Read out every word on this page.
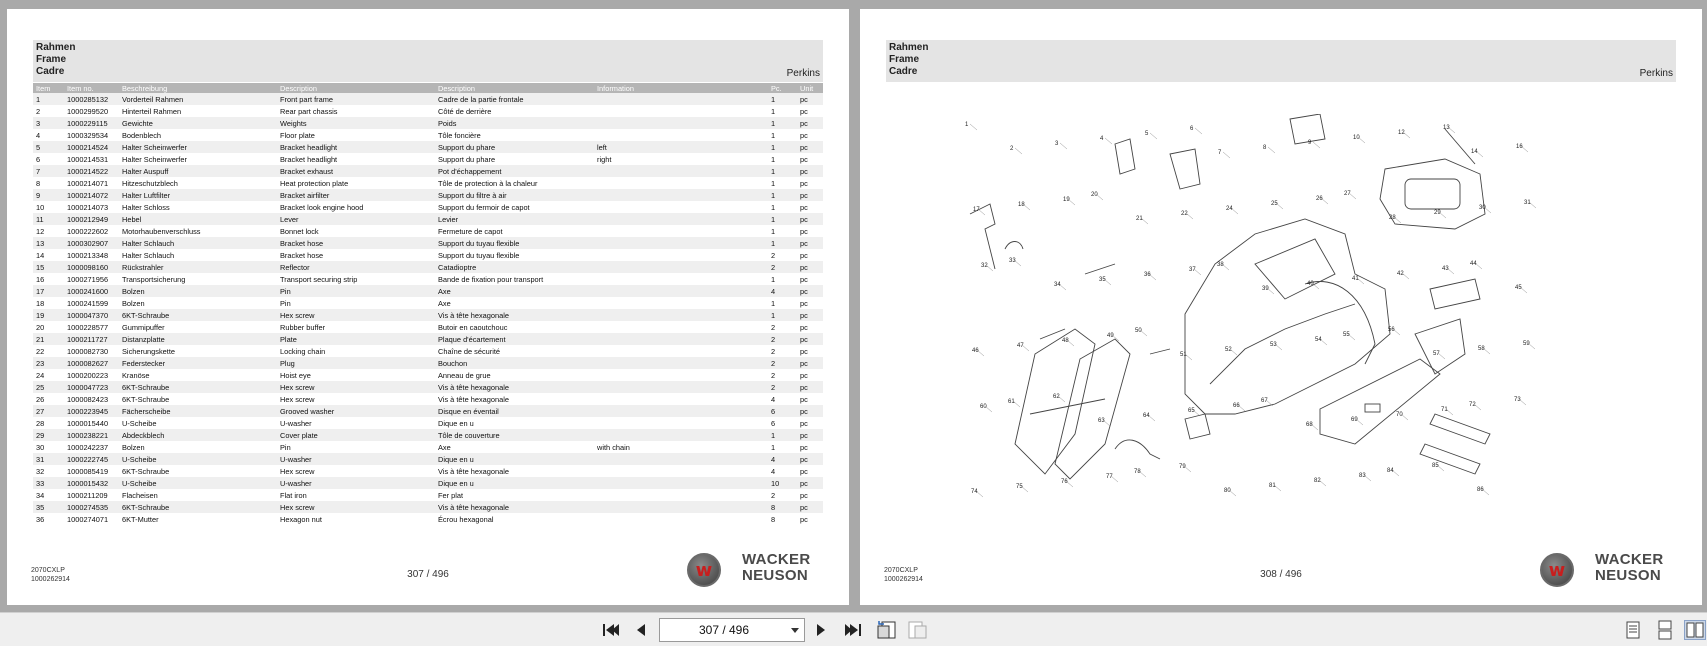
Rahmen
Frame
Cadre	Perkins
Item	Item no.	Beschreibung	Description	Description	Information	Pc.	Unit
1	1000285132	Vorderteil Rahmen	Front part frame	Cadre de la partie frontale		1	pc
2	1000299520	Hinterteil Rahmen	Rear part chassis	Côté de derrière		1	pc
3	1000229115	Gewichte	Weights	Poids		1	pc
4	1000329534	Bodenblech	Floor plate	Tôle foncière		1	pc
5	1000214524	Halter Scheinwerfer	Bracket headlight	Support du phare	left	1	pc
6	1000214531	Halter Scheinwerfer	Bracket headlight	Support du phare	right	1	pc
7	1000214522	Halter Auspuff	Bracket exhaust	Pot d'échappement		1	pc
8	1000214071	Hitzeschutzblech	Heat protection plate	Tôle de protection à la chaleur		1	pc
9	1000214072	Halter Luftfilter	Bracket airfilter	Support du filtre à air		1	pc
10	1000214073	Halter Schloss	Bracket look engine hood	Support du fermoir de capot		1	pc
11	1000212949	Hebel	Lever	Levier		1	pc
12	1000222602	Motorhaubenverschluss	Bonnet lock	Fermeture de capot		1	pc
13	1000302907	Halter Schlauch	Bracket hose	Support du tuyau flexible		1	pc
14	1000213348	Halter Schlauch	Bracket hose	Support du tuyau flexible		2	pc
15	1000098160	Rückstrahler	Reflector	Catadioptre		2	pc
16	1000271956	Transportsicherung	Transport securing strip	Bande de fixation pour transport		1	pc
17	1000241600	Bolzen	Pin	Axe		4	pc
18	1000241599	Bolzen	Pin	Axe		1	pc
19	1000047370	6KT-Schraube	Hex screw	Vis à tête hexagonale		1	pc
20	1000228577	Gummipuffer	Rubber buffer	Butoir en caoutchouc		2	pc
21	1000211727	Distanzplatte	Plate	Plaque d'écartement		2	pc
22	1000082730	Sicherungskette	Locking chain	Chaîne de sécurité		2	pc
23	1000082627	Federstecker	Plug	Bouchon		2	pc
24	1000200223	Kranöse	Hoist eye	Anneau de grue		2	pc
25	1000047723	6KT-Schraube	Hex screw	Vis à tête hexagonale		2	pc
26	1000082423	6KT-Schraube	Hex screw	Vis à tête hexagonale		4	pc
27	1000223945	Fächerscheibe	Grooved washer	Disque en éventail		6	pc
28	1000015440	U-Scheibe	U-washer	Dique en u		6	pc
29	1000238221	Abdeckblech	Cover plate	Tôle de couverture		1	pc
30	1000242237	Bolzen	Pin	Axe	with chain	1	pc
31	1000222745	U-Scheibe	U-washer	Dique en u		4	pc
32	1000085419	6KT-Schraube	Hex screw	Vis à tête hexagonale		4	pc
33	1000015432	U-Scheibe	U-washer	Dique en u		10	pc
34	1000211209	Flacheisen	Flat iron	Fer plat		2	pc
35	1000274535	6KT-Schraube	Hex screw	Vis à tête hexagonale		8	pc
36	1000274071	6KT-Mutter	Hexagon nut	Écrou hexagonal		8	pc
2070CXLP
1000262914	307 / 496	w
WACKER
NEUSON
Rahmen
Frame
Cadre	Perkins
1
2
3
4
5
6
7
8
9
10
12
13
14
16
17
18
19
20
21
22
24
25
26
27
28
29
30
31
32
33
34
35
36
37
38
39
40
41
42
43
44
45
46
47
48
49
50
51
52
53
54
55
56
57
58
59
60
61
62
63
64
65
66
67
68
69
70
71
72
73
74
75
76
77
78
79
80
81
82
83
84
85
86
2070CXLP
1000262914	308 / 496	w
WACKER
NEUSON
307 / 496
